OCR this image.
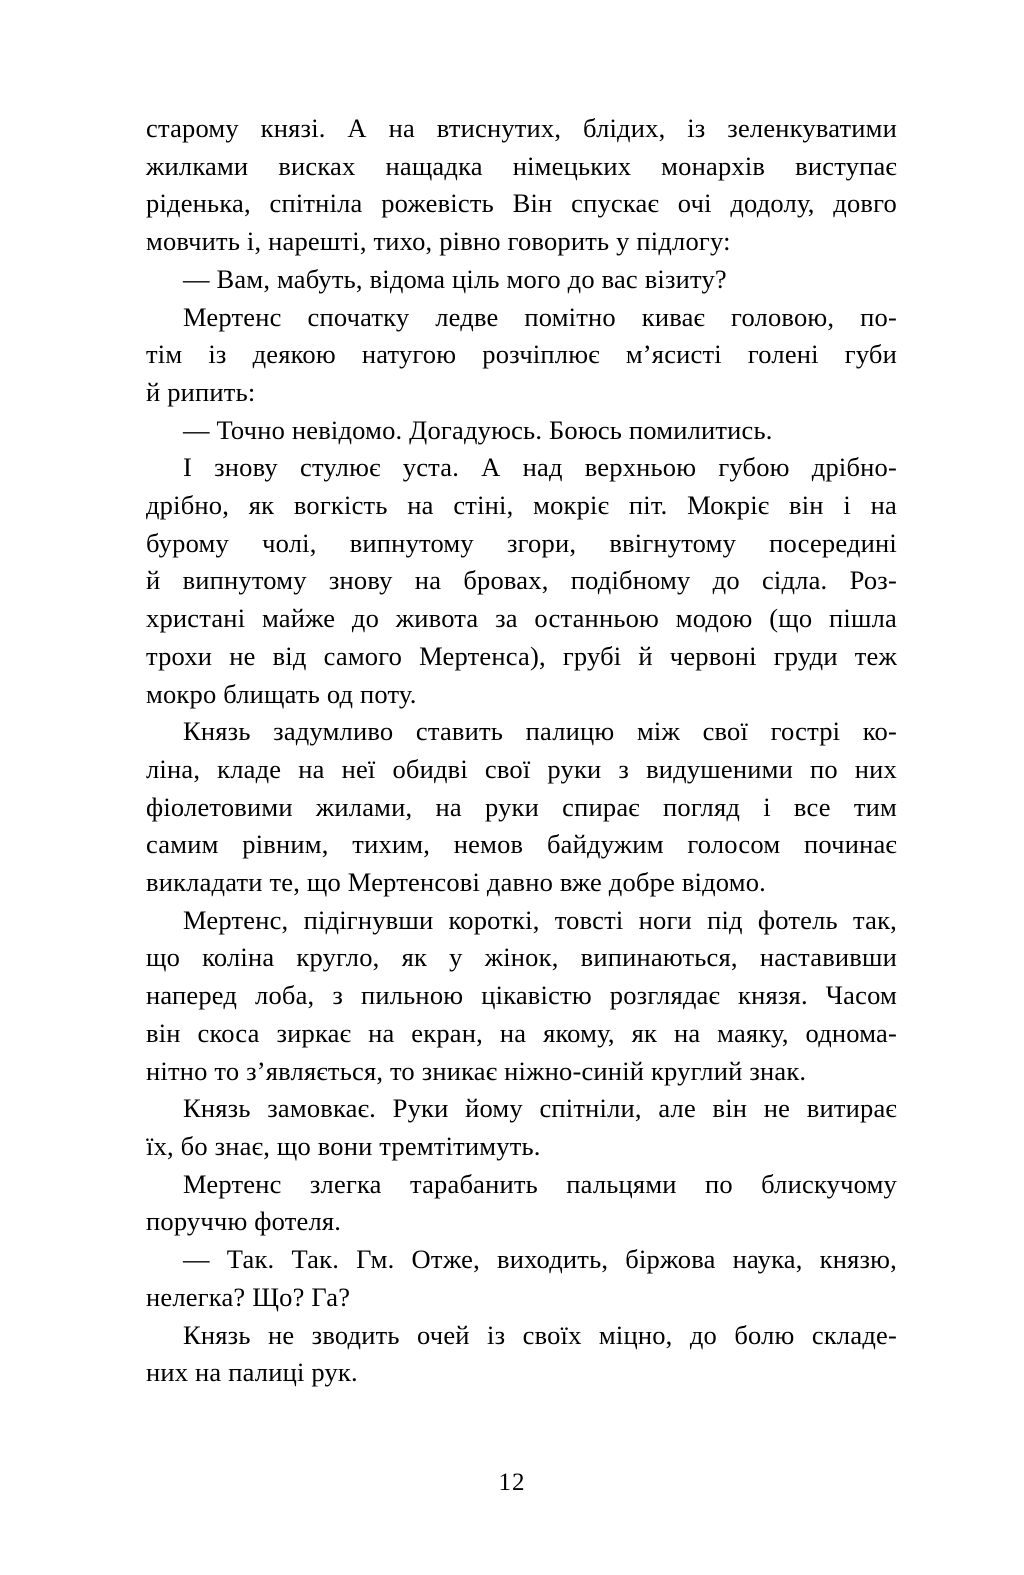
старому князі. А на втиснутих, блідих, із зеленкуватими
жилками висках нащадка німецьких монархів виступає
ріденька, спітніла рожевість Він спускає очі додолу, довго
мовчить і, нарешті, тихо, рівно говорить у підлогу:
— Вам, мабуть, відома ціль мого до вас візиту?
Мертенс спочатку ледве помітно киває головою, по-
тім із деякою натугою розчіплює м’ясисті голені губи
й рипить:
— Точно невідомо. Догадуюсь. Боюсь помилитись.
І знову стулює уста. А над верхньою губою дрібно-
дрібно, як вогкість на стіні, мокріє піт. Мокріє він і на
бурому чолі, випнутому згори, ввігнутому посередині
й випнутому знову на бровах, подібному до сідла. Роз-
христані майже до живота за останньою модою (що пішла
трохи не від самого Мертенса), грубі й червоні груди теж
мокро блищать од поту.
Князь задумливо ставить палицю між свої гострі ко-
ліна, кладе на неї обидві свої руки з видушеними по них
фіолетовими жилами, на руки спирає погляд і все тим
самим рівним, тихим, немов байдужим голосом починає
викладати те, що Мертенсові давно вже добре відомо.
Мертенс, підігнувши короткі, товсті ноги під фотель так,
що коліна кругло, як у жінок, випинаються, наставивши
наперед лоба, з пильною цікавістю розглядає князя. Часом
він скоса зиркає на екран, на якому, як на маяку, однома-
нітно то з’являється, то зникає ніжно-синій круглий знак.
Князь замовкає. Руки йому спітніли, але він не витирає
їх, бо знає, що вони тремтітимуть.
Мертенс злегка тарабанить пальцями по блискучому
поруччю фотеля.
— Так. Так. Гм. Отже, виходить, біржова наука, князю,
нелегка? Що? Га?
Князь не зводить очей із своїх міцно, до болю складе-
них на палиці рук.
12
